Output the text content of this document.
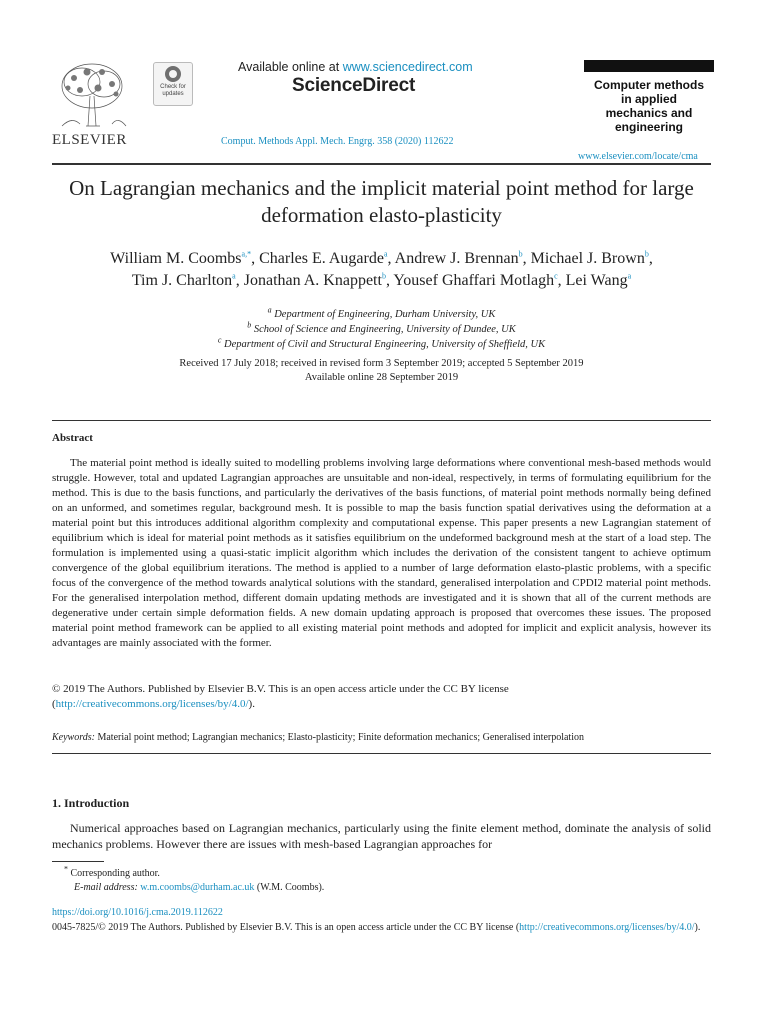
ELSEVIER
Check for updates
Available online at www.sciencedirect.com
ScienceDirect
Comput. Methods Appl. Mech. Engrg. 358 (2020) 112622
Computer methods
in applied
mechanics and
engineering
www.elsevier.com/locate/cma
On Lagrangian mechanics and the implicit material point method for large deformation elasto-plasticity
William M. Coombs$^{a,*}$, Charles E. Augarde$^a$, Andrew J. Brennan$^b$, Michael J. Brown$^b$,
Tim J. Charlton$^a$, Jonathan A. Knappett$^b$, Yousef Ghaffari Motlagh$^c$, Lei Wang$^a$
$^a$ Department of Engineering, Durham University, UK
$^b$ School of Science and Engineering, University of Dundee, UK
$^c$ Department of Civil and Structural Engineering, University of Sheffield, UK
Received 17 July 2018; received in revised form 3 September 2019; accepted 5 September 2019
Available online 28 September 2019
Abstract
The material point method is ideally suited to modelling problems involving large deformations where conventional mesh-based methods would struggle. However, total and updated Lagrangian approaches are unsuitable and non-ideal, respectively, in terms of formulating equilibrium for the method. This is due to the basis functions, and particularly the derivatives of the basis functions, of material point methods normally being defined on an unformed, and sometimes regular, background mesh. It is possible to map the basis function spatial derivatives using the deformation at a material point but this introduces additional algorithm complexity and computational expense. This paper presents a new Lagrangian statement of equilibrium which is ideal for material point methods as it satisfies equilibrium on the undeformed background mesh at the start of a load step. The formulation is implemented using a quasi-static implicit algorithm which includes the derivation of the consistent tangent to achieve optimum convergence of the global equilibrium iterations. The method is applied to a number of large deformation elasto-plastic problems, with a specific focus of the convergence of the method towards analytical solutions with the standard, generalised interpolation and CPDI2 material point methods. For the generalised interpolation method, different domain updating methods are investigated and it is shown that all of the current methods are degenerative under certain simple deformation fields. A new domain updating approach is proposed that overcomes these issues. The proposed material point method framework can be applied to all existing material point methods and adopted for implicit and explicit analysis, however its advantages are mainly associated with the former.
© 2019 The Authors. Published by Elsevier B.V. This is an open access article under the CC BY license
(http://creativecommons.org/licenses/by/4.0/).
Keywords: Material point method; Lagrangian mechanics; Elasto-plasticity; Finite deformation mechanics; Generalised interpolation
1. Introduction
Numerical approaches based on Lagrangian mechanics, particularly using the finite element method, dominate the analysis of solid mechanics problems. However there are issues with mesh-based Lagrangian approaches for
* Corresponding author.
E-mail address: w.m.coombs@durham.ac.uk (W.M. Coombs).
https://doi.org/10.1016/j.cma.2019.112622
0045-7825/© 2019 The Authors. Published by Elsevier B.V. This is an open access article under the CC BY license (http://creativecommons.org/licenses/by/4.0/).
